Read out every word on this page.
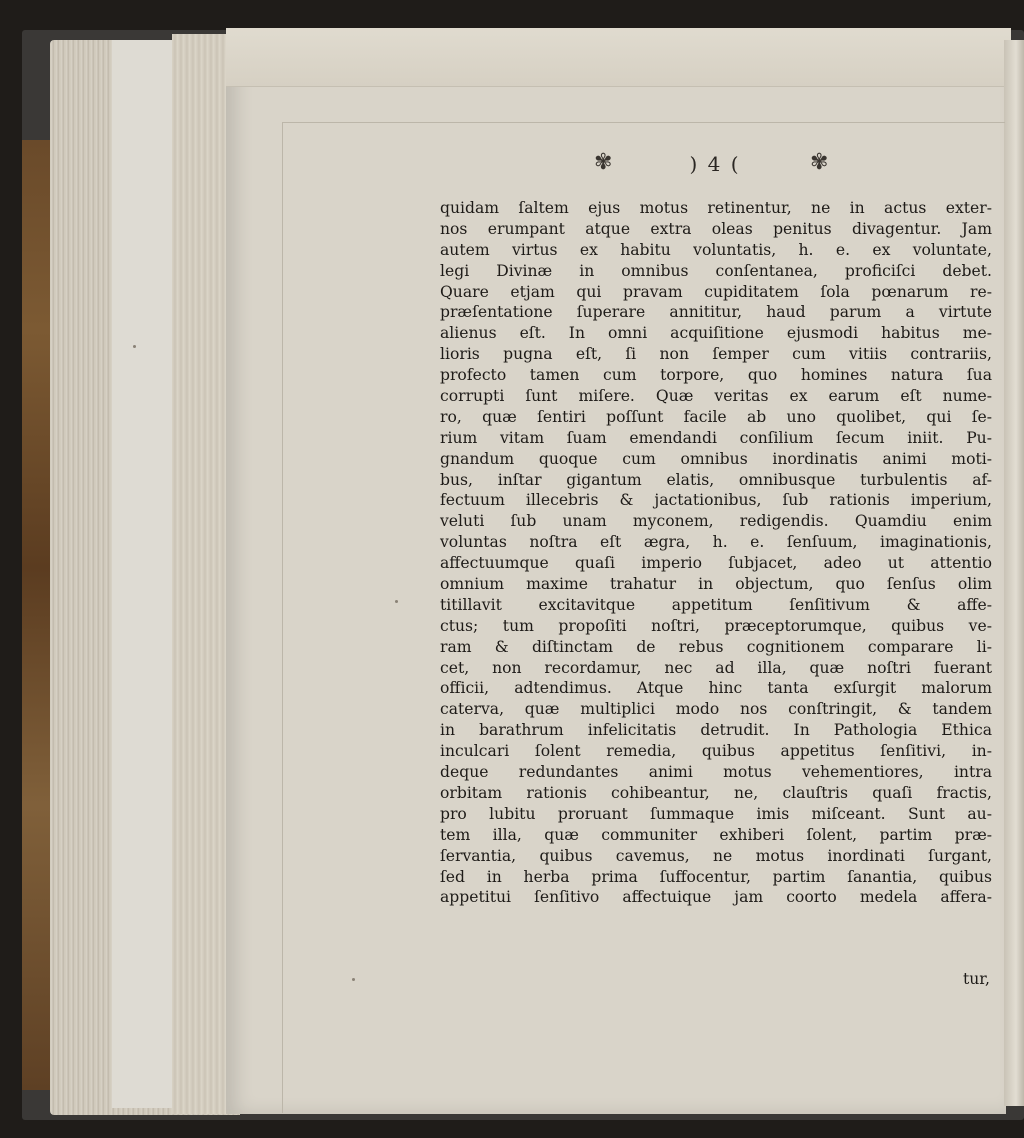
✾	) 4 (	✾
quidam ſaltem ejus motus retinentur, ne in actus exter-
nos erumpant atque extra oleas penitus divagentur. Jam
autem virtus ex habitu voluntatis, h. e. ex voluntate,
legi Divinæ in omnibus conſentanea, proficiſci debet.
Quare etjam qui pravam cupiditatem ſola pœnarum re-
præſentatione ſuperare annititur, haud parum a virtute
alienus eſt. In omni acquiſitione ejusmodi habitus me-
lioris pugna eſt, ſi non ſemper cum vitiis contrariis,
profecto tamen cum torpore, quo homines natura ſua
corrupti ſunt miſere. Quæ veritas ex earum eſt nume-
ro, quæ ſentiri poſſunt facile ab uno quolibet, qui ſe-
rium vitam ſuam emendandi conſilium ſecum iniit. Pu-
gnandum quoque cum omnibus inordinatis animi moti-
bus, inſtar gigantum elatis, omnibusque turbulentis af-
fectuum illecebris & jactationibus, ſub rationis imperium,
veluti ſub unam myconem, redigendis. Quamdiu enim
voluntas noſtra eſt ægra, h. e. ſenſuum, imaginationis,
affectuumque quaſi imperio ſubjacet, adeo ut attentio
omnium maxime trahatur in objectum, quo ſenſus olim
titillavit excitavitque appetitum ſenſitivum & affe-
ctus; tum propoſiti noſtri, præceptorumque, quibus ve-
ram & diſtinctam de rebus cognitionem comparare li-
cet, non recordamur, nec ad illa, quæ noſtri fuerant
officii, adtendimus. Atque hinc tanta exſurgit malorum
caterva, quæ multiplici modo nos conſtringit, & tandem
in barathrum infelicitatis detrudit. In Pathologia Ethica
inculcari ſolent remedia, quibus appetitus ſenſitivi, in-
deque redundantes animi motus vehementiores, intra
orbitam rationis cohibeantur, ne, clauſtris quaſi fractis,
pro lubitu proruant ſummaque imis miſceant. Sunt au-
tem illa, quæ communiter exhiberi ſolent, partim præ-
ſervantia, quibus cavemus, ne motus inordinati ſurgant,
ſed in herba prima ſuffocentur, partim ſanantia, quibus
appetitui ſenſitivo affectuique jam coorto medela affera-
tur,
